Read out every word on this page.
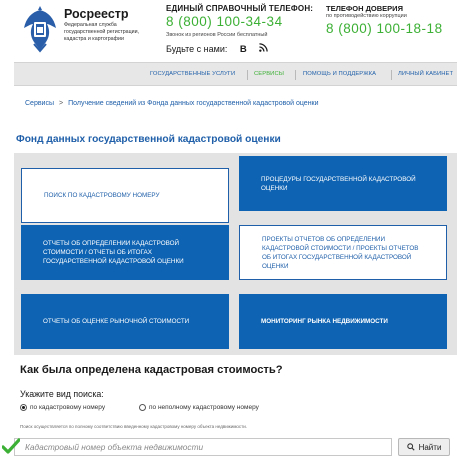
Росреестр
Федеральная служба государственной регистрации, кадастра и картографии
ЕДИНЫЙ СПРАВОЧНЫЙ ТЕЛЕФОН:
8 (800) 100-34-34
Звонок из регионов России бесплатный
Будьте с нами: B
ТЕЛЕФОН ДОВЕРИЯ
по противодействию коррупции
8 (800) 100-18-18
ГОСУДАРСТВЕННЫЕ УСЛУГИ	СЕРВИСЫ	ПОМОЩЬ И ПОДДЕРЖКА	ЛИЧНЫЙ КАБИНЕТ
Сервисы > Получение сведений из Фонда данных государственной кадастровой оценки
Фонд данных государственной кадастровой оценки
ПОИСК ПО КАДАСТРОВОМУ НОМЕРУ
ПРОЦЕДУРЫ ГОСУДАРСТВЕННОЙ КАДАСТРОВОЙ ОЦЕНКИ
ОТЧЕТЫ ОБ ОПРЕДЕЛЕНИИ КАДАСТРОВОЙ СТОИМОСТИ / ОТЧЕТЫ ОБ ИТОГАХ ГОСУДАРСТВЕННОЙ КАДАСТРОВОЙ ОЦЕНКИ
ПРОЕКТЫ ОТЧЕТОВ ОБ ОПРЕДЕЛЕНИИ КАДАСТРОВОЙ СТОИМОСТИ / ПРОЕКТЫ ОТЧЕТОВ ОБ ИТОГАХ ГОСУДАРСТВЕННОЙ КАДАСТРОВОЙ ОЦЕНКИ
ОТЧЕТЫ ОБ ОЦЕНКЕ РЫНОЧНОЙ СТОИМОСТИ	МОНИТОРИНГ РЫНКА НЕДВИЖИМОСТИ
Как была определена кадастровая стоимость?
Укажите вид поиска:
по кадастровому номеру	по неполному кадастровому номеру
Поиск осуществляется по полному соответствию введенному кадастровому номеру объекта недвижимости.
Кадастровый номер объекта недвижимости
Найти
